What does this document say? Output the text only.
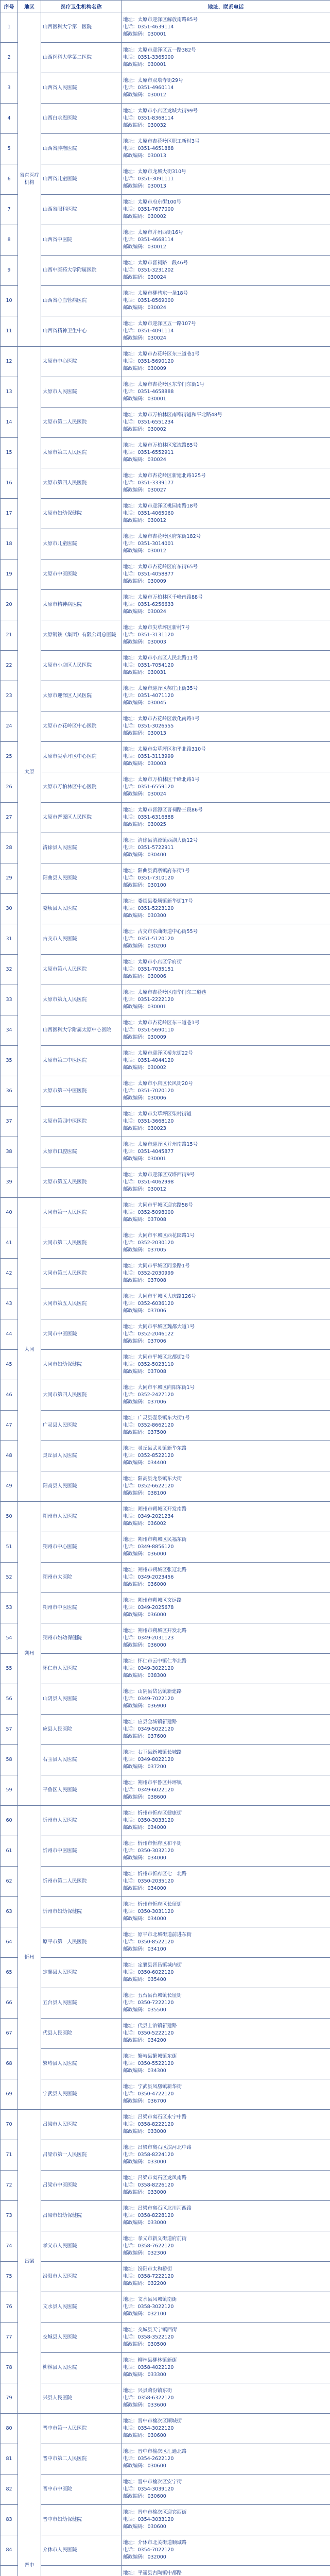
序号	地区	医疗卫生机构名称	地址、联系电话
1	省直医疗机构	山西医科大学第一医院	地址：太原市迎泽区解放南路85号
电话：0351-4639114
邮政编码：030001

2		山西医科大学第二医院	地址：太原市迎泽区五一路382号
电话：0351-3365000
邮政编码：030001

3		山西省人民医院	地址：太原市双塔寺街29号
电话：0351-4960114
邮政编码：030012

4		山西白求恩医院	地址：太原市小店区龙城大街99号
电话：0351-8368114
邮政编码：030032

5		山西省肿瘤医院	地址：太原市杏花岭区职工新村3号
电话：0351-4651888
邮政编码：030013

6		山西省儿童医院	地址：太原市龙城大街310号
电话：0351-3091111
邮政编码：030013

7		山西省眼科医院	地址：太原市府东街100号
电话：0351-7677000
邮政编码：030002

8		山西省中医院	地址：太原市并州西街16号
电话：0351-4668114
邮政编码：030012

9		山西中医药大学附属医院	地址：太原市晋祠路一段46号
电话：0351-3231202
邮政编码：030024

10		山西省心血管病医院	地址：太原市柳巷东一条18号
电话：0351-8569000
邮政编码：030024

11		山西省精神卫生中心	地址：太原市迎泽区五一路107号
电话：0351-4091114
邮政编码：030024

12	太原	太原市中心医院	地址：太原市杏花岭区东三道巷1号
电话：0351-5690120
邮政编码：030009

13		太原市人民医院	地址：太原市杏花岭区东华门东街1号
电话：0351-4658888
邮政编码：030001

14		太原市第二人民医院	地址：太原市万柏林区南寒街道和平北路48号
电话：0351-6551234
邮政编码：030002

15		太原市第三人民医院	地址：太原市万柏林区窊流路85号
电话：0351-6552911
邮政编码：030024

16		太原市第四人民医院	地址：太原市杏花岭区新建北路125号
电话：0351-3339177
邮政编码：030027

17		太原市妇幼保健院	地址：太原市迎泽区桃园南路18号
电话：0351-4065060
邮政编码：030012

18		太原市儿童医院	地址：太原市杏花岭区府东街182号
电话：0351-3014001
邮政编码：030012

19		太原市中医医院	地址：太原市杏花岭区府东街65号
电话：0351-4058877
邮政编码：030009

20		太原市精神病医院	地址：太原市万柏林区千峰南路88号
电话：0351-6256633
邮政编码：030024

21		太原钢铁（集团）有限公司总医院	地址：太原市尖草坪区新村7号
电话：0351-3131120
邮政编码：030003

22		太原市小店区人民医院	地址：太原市小店区人民北路11号
电话：0351-7054120
邮政编码：030031

23		太原市迎泽区人民医院	地址：太原市迎泽区郝庄正街35号
电话：0351-4071120
邮政编码：030045

24		太原市杏花岭区中心医院	地址：太原市杏花岭区敦化南路1号
电话：0351-3026555
邮政编码：030013

25		太原市尖草坪区中心医院	地址：太原市尖草坪区和平北路310号
电话：0351-3113999
邮政编码：030003

26		太原市万柏林区中心医院	地址：太原市万柏林区千峰北路1号
电话：0351-6559120
邮政编码：030024

27		太原市晋源区人民医院	地址：太原市晋源区晋祠路三段86号
电话：0351-6316888
邮政编码：030025

28		清徐县人民医院	地址：清徐县清源镇西湖大街12号
电话：0351-5722911
邮政编码：030400

29		阳曲县人民医院	地址：阳曲县黄寨镇府东街1号
电话：0351-7310120
邮政编码：030100

30		娄烦县人民医院	地址：娄烦县娄烦镇新华街17号
电话：0351-5223120
邮政编码：030300

31		古交市人民医院	地址：古交市东曲街道中心街55号
电话：0351-5120120
邮政编码：030200

32		太原市第八人民医院	地址：太原市小店区学府街
电话：0351-7035151
邮政编码：030006

33		太原市第九人民医院	地址：太原市杏花岭区南华门东二道巷
电话：0351-2222120
邮政编码：030001

34		山西医科大学附属太原中心医院	地址：太原市杏花岭区东三道巷1号
电话：0351-5690110
邮政编码：030009

35		太原市第二中医医院	地址：太原市迎泽区桥东街22号
电话：0351-4044120
邮政编码：030002

36		太原市第三中医医院	地址：太原市小店区长风街20号
电话：0351-7020120
邮政编码：030006

37		太原市第四中医医院	地址：太原市尖草坪区柴村街道
电话：0351-3668120
邮政编码：030023

38		太原市口腔医院	地址：太原市迎泽区并州南路15号
电话：0351-4045877
邮政编码：030001

39		太原市第五人民医院	地址：太原市迎泽区双塔西街9号
电话：0351-4062998
邮政编码：030012

40	大同	大同市第一人民医院	地址：大同市平城区迎宾路58号
电话：0352-5098000
邮政编码：037008

41		大同市第二人民医院	地址：大同市平城区西花园路1号
电话：0352-2030120
邮政编码：037005

42		大同市第三人民医院	地址：大同市平城区同泉路1号
电话：0352-2030999
邮政编码：037008

43		大同市第五人民医院	地址：大同市平城区大庆路126号
电话：0352-6036120
邮政编码：037006

44		大同市中医医院	地址：大同市平城区魏都大道1号
电话：0352-2046122
邮政编码：037006

45		大同市妇幼保健院	地址：大同市平城区北都街2号
电话：0352-5023110
邮政编码：037008

46		大同市第四人民医院	地址：大同市平城区向阳东街1号
电话：0352-2427120
邮政编码：037006

47		广灵县人民医院	地址：广灵县壶泉镇东大街1号
电话：0352-8662120
邮政编码：037500

48		灵丘县人民医院	地址：灵丘县武灵镇新华东路
电话：0352-8522120
邮政编码：034400

49		阳高县人民医院	地址：阳高县龙泉镇东大街
电话：0352-6622120
邮政编码：038100

50	朔州	朔州市人民医院	地址：朔州市朔城区开发南路
电话：0349-2021234
邮政编码：036002

51		朔州市中心医院	地址：朔州市朔城区民福东街
电话：0349-8856120
邮政编码：036000

52		朔州市大医院	地址：朔州市朔城区张辽北路
电话：0349-2023456
邮政编码：036000

53		朔州市中医医院	地址：朔州市朔城区文远路
电话：0349-2025678
邮政编码：036000

54		朔州市妇幼保健院	地址：朔州市朔城区开发北路
电话：0349-2031123
邮政编码：036000

55		怀仁市人民医院	地址：怀仁市云中镇仁华北路
电话：0349-3022120
邮政编码：038300

56		山阴县人民医院	地址：山阴县岱岳镇新建路
电话：0349-7022120
邮政编码：036900

57		应县人民医院	地址：应县金城镇新建路
电话：0349-5022120
邮政编码：037600

58		右玉县人民医院	地址：右玉县新城镇长城路
电话：0349-8022120
邮政编码：037200

59		平鲁区人民医院	地址：朔州市平鲁区井坪镇
电话：0349-6022120
邮政编码：038600

60	忻州	忻州市人民医院	地址：忻州市忻府区健康街
电话：0350-3033120
邮政编码：034000

61		忻州市中医医院	地址：忻州市忻府区和平街
电话：0350-3032120
邮政编码：034000

62		忻州市第二人民医院	地址：忻州市忻府区七一北路
电话：0350-2035120
邮政编码：034000

63		忻州市妇幼保健院	地址：忻州市忻府区长征街
电话：0350-3031120
邮政编码：034000

64		原平市第一人民医院	地址：原平市北城街道前进东街
电话：0350-8522120
邮政编码：034100

65		定襄县人民医院	地址：定襄县晋昌镇城内街
电话：0350-6022120
邮政编码：035400

66		五台县人民医院	地址：五台县台城镇长征街
电话：0350-7222120
邮政编码：035500

67		代县人民医院	地址：代县上馆镇新建路
电话：0350-5222120
邮政编码：034200

68		繁峙县人民医院	地址：繁峙县繁城镇东街
电话：0350-5522120
邮政编码：034300

69		宁武县人民医院	地址：宁武县凤凰镇新华街
电话：0350-4722120
邮政编码：036700

70	吕梁	吕梁市人民医院	地址：吕梁市离石区永宁中路
电话：0358-8222120
邮政编码：033000

71		吕梁市第一人民医院	地址：吕梁市离石区滨河北中路
电话：0358-8224120
邮政编码：033000

72		吕梁市中医医院	地址：吕梁市离石区龙凤南路
电话：0358-8226120
邮政编码：033000

73		吕梁市妇幼保健院	地址：吕梁市离石区北川河西路
电话：0358-8228120
邮政编码：033000

74		孝义市人民医院	地址：孝义市新义街道府前街
电话：0358-7622120
邮政编码：032300

75		汾阳市人民医院	地址：汾阳市太和桥街
电话：0358-7222120
邮政编码：032200

76		文水县人民医院	地址：文水县凤城镇南街
电话：0358-3022120
邮政编码：032100

77		交城县人民医院	地址：交城县天宁镇西街
电话：0358-3522120
邮政编码：030500

78		柳林县人民医院	地址：柳林县柳林镇新街
电话：0358-4022120
邮政编码：033300

79		兴县人民医院	地址：兴县蔚汾镇东街
电话：0358-6322120
邮政编码：033600

80	晋中	晋中市第一人民医院	地址：晋中市榆次区顺城街
电话：0354-3022120
邮政编码：030600

81		晋中市第二人民医院	地址：晋中市榆次区汇通北路
电话：0354-2622120
邮政编码：030600

82		晋中市中医院	地址：晋中市榆次区安宁街
电话：0354-3039120
邮政编码：030600

83		晋中市妇幼保健院	地址：晋中市榆次区迎宾西街
电话：0354-3033120
邮政编码：030600

84		介休市人民医院	地址：介休市北关街道顺城路
电话：0354-7022120
邮政编码：032000

地址：平遥县古陶镇中都路
